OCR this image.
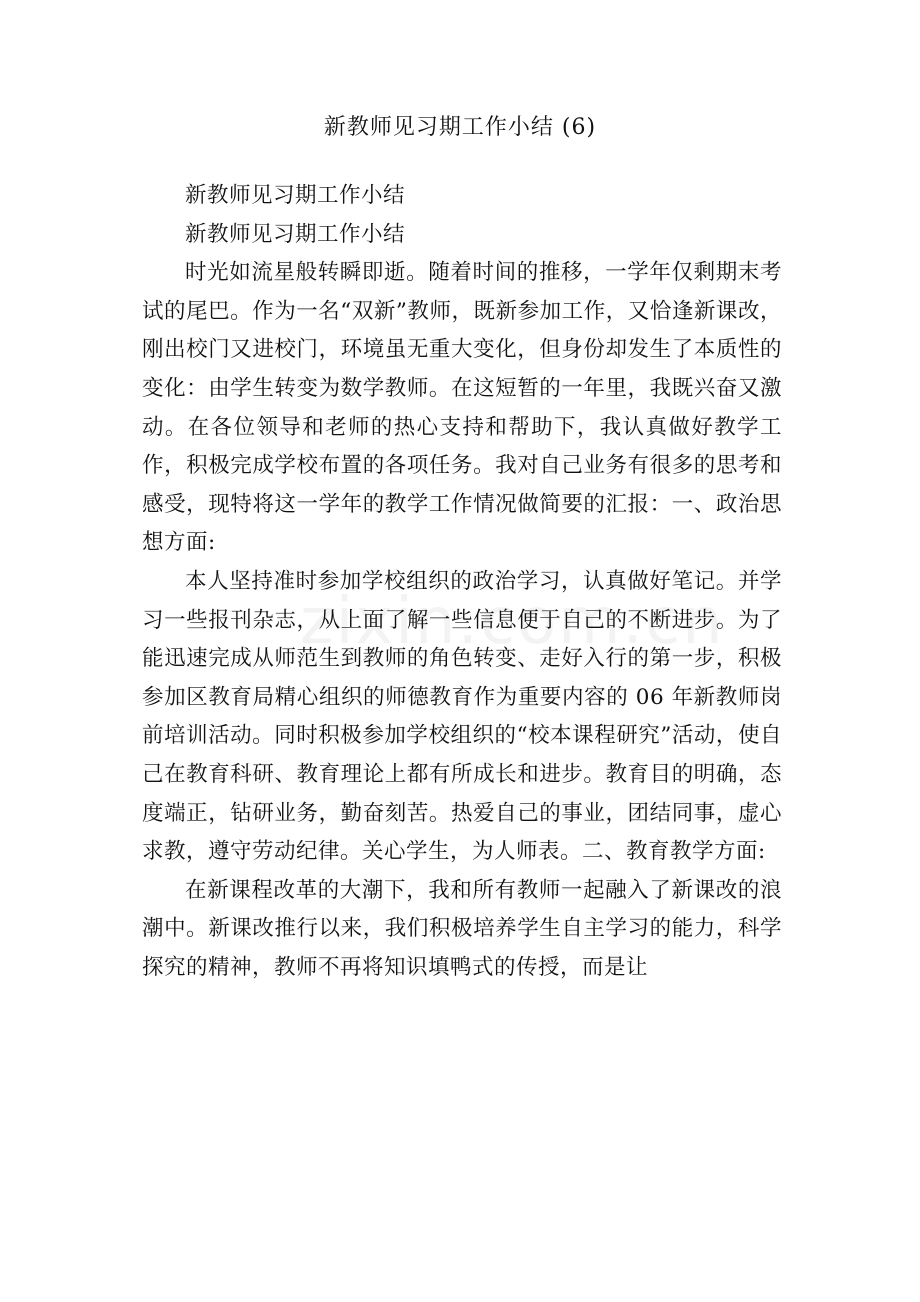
新教师见习期工作小结 (6)

新教师见习期工作小结

新教师见习期工作小结

时光如流星般转瞬即逝。随着时间的推移，一学年仅剩期末考试的尾巴。作为一名“双新”教师，既新参加工作，又恰逢新课改，刚出校门又进校门，环境虽无重大变化，但身份却发生了本质性的变化：由学生转变为数学教师。在这短暂的一年里，我既兴奋又激动。在各位领导和老师的热心支持和帮助下，我认真做好教学工作，积极完成学校布置的各项任务。我对自己业务有很多的思考和感受，现特将这一学年的教学工作情况做简要的汇报：一、政治思想方面:

本人坚持准时参加学校组织的政治学习，认真做好笔记。并学习一些报刊杂志，从上面了解一些信息便于自己的不断进步。为了能迅速完成从师范生到教师的角色转变、走好入行的第一步，积极参加区教育局精心组织的师德教育作为重要内容的 06 年新教师岗前培训活动。同时积极参加学校组织的“校本课程研究”活动，使自己在教育科研、教育理论上都有所成长和进步。教育目的明确，态度端正，钻研业务，勤奋刻苦。热爱自己的事业，团结同事，虚心求教，遵守劳动纪律。关心学生，为人师表。二、教育教学方面:

在新课程改革的大潮下，我和所有教师一起融入了新课改的浪潮中。新课改推行以来，我们积极培养学生自主学习的能力，科学探究的精神，教师不再将知识填鸭式的传授，而是让
